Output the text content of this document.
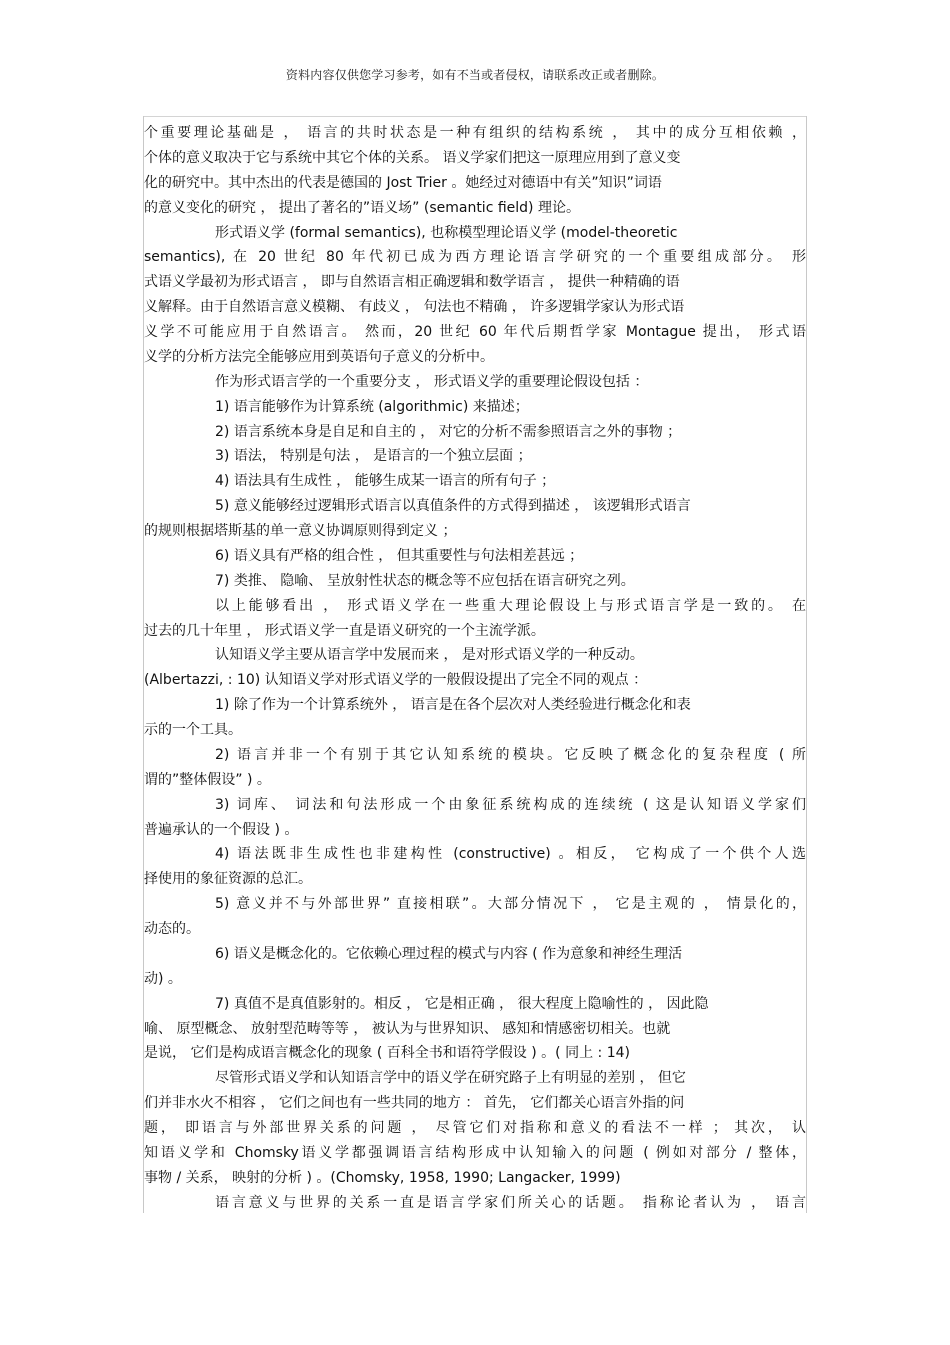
资料内容仅供您学习参考，如有不当或者侵权，请联系改正或者删除。
个重要理论基础是 ， 语言的共时状态是一种有组织的结构系统 ， 其中的成分互相依赖 ，
个体的意义取决于它与系统中其它个体的关系。 语义学家们把这一原理应用到了意义变
化的研究中。其中杰出的代表是德国的 Jost Trier 。她经过对德语中有关”知识”词语
的意义变化的研究 ， 提出了著名的”语义场” (semantic field) 理论。
形式语义学 (formal semantics), 也称模型理论语义学 (model-theoretic
semantics), 在 20 世纪 80 年代初已成为西方理论语言学研究的一个重要组成部分。 形
式语义学最初为形式语言 ， 即与自然语言相正确逻辑和数学语言 ， 提供一种精确的语
义解释。由于自然语言意义模糊、 有歧义 ， 句法也不精确 ， 许多逻辑学家认为形式语
义学不可能应用于自然语言。 然而，20 世纪 60 年代后期哲学家 Montague 提出， 形式语
义学的分析方法完全能够应用到英语句子意义的分析中。
作为形式语言学的一个重要分支 ， 形式语义学的重要理论假设包括 ：
1) 语言能够作为计算系统 (algorithmic) 来描述；
2) 语言系统本身是自足和自主的 ， 对它的分析不需参照语言之外的事物 ；
3) 语法， 特别是句法 ， 是语言的一个独立层面 ；
4) 语法具有生成性 ， 能够生成某一语言的所有句子 ；
5) 意义能够经过逻辑形式语言以真值条件的方式得到描述 ， 该逻辑形式语言
的规则根据塔斯基的单一意义协调原则得到定义 ；
6) 语义具有严格的组合性 ， 但其重要性与句法相差甚远 ；
7) 类推、 隐喻、 呈放射性状态的概念等不应包括在语言研究之列。
以上能够看出 ， 形式语义学在一些重大理论假设上与形式语言学是一致的。 在
过去的几十年里 ， 形式语义学一直是语义研究的一个主流学派。
认知语义学主要从语言学中发展而来 ， 是对形式语义学的一种反动。
(Albertazzi, : 10) 认知语义学对形式语义学的一般假设提出了完全不同的观点 ：
1) 除了作为一个计算系统外 ， 语言是在各个层次对人类经验进行概念化和表
示的一个工具。
2) 语言并非一个有别于其它认知系统的模块。它反映了概念化的复杂程度 ( 所
谓的”整体假设” ) 。
3) 词库、 词法和句法形成一个由象征系统构成的连续统 ( 这是认知语义学家们
普遍承认的一个假设 ) 。
4) 语法既非生成性也非建构性 (constructive) 。相反， 它构成了一个供个人选
择使用的象征资源的总汇。
5) 意义并不与外部世界” 直接相联”。大部分情况下 ， 它是主观的 ， 情景化的，
动态的。
6) 语义是概念化的。它依赖心理过程的模式与内容 ( 作为意象和神经生理活
动) 。
7) 真值不是真值影射的。相反 ， 它是相正确 ， 很大程度上隐喻性的 ， 因此隐
喻、 原型概念、 放射型范畴等等 ， 被认为与世界知识、 感知和情感密切相关。也就
是说， 它们是构成语言概念化的现象 ( 百科全书和语符学假设 ) 。( 同上 : 14)
尽管形式语义学和认知语言学中的语义学在研究路子上有明显的差别 ， 但它
们并非水火不相容 ， 它们之间也有一些共同的地方 ： 首先， 它们都关心语言外指的问
题， 即语言与外部世界关系的问题 ， 尽管它们对指称和意义的看法不一样 ； 其次， 认
知语义学和 Chomsky语义学都强调语言结构形成中认知输入的问题 ( 例如对部分 / 整体，
事物 / 关系， 映射的分析 ) 。(Chomsky, 1958, 1990; Langacker, 1999)
语言意义与世界的关系一直是语言学家们所关心的话题。 指称论者认为 ， 语言
